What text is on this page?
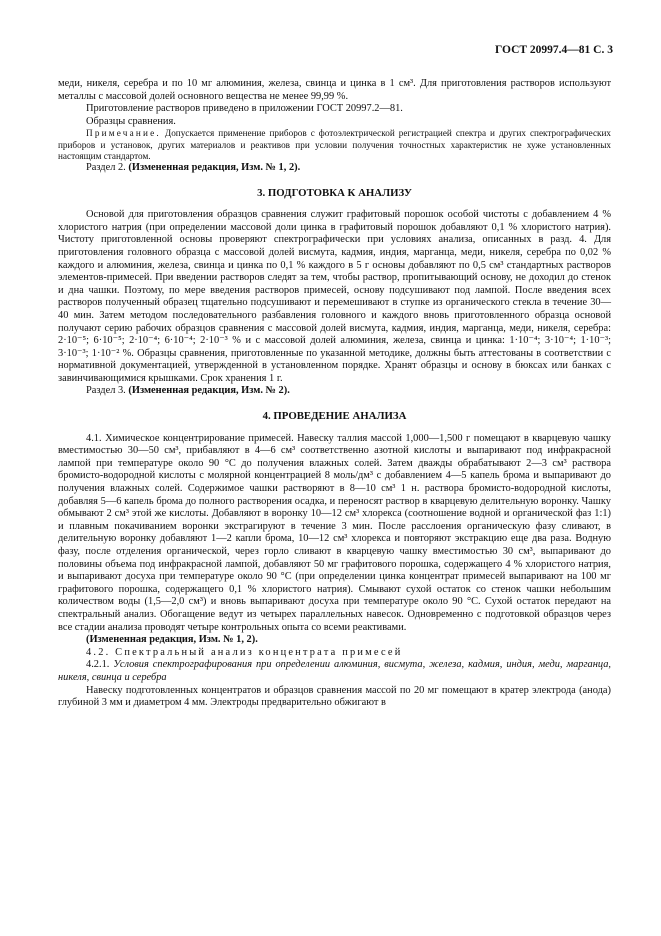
ГОСТ 20997.4—81 С. 3

меди, никеля, серебра и по 10 мг алюминия, железа, свинца и цинка в 1 см³. Для приготовления растворов используют металлы с массовой долей основного вещества не менее 99,99 %.

Приготовление растворов приведено в приложении ГОСТ 20997.2—81.

Образцы сравнения.

Примечание. Допускается применение приборов с фотоэлектрической регистрацией спектра и других спектрографических приборов и установок, других материалов и реактивов при условии получения точностных характеристик не хуже установленных настоящим стандартом.

Раздел 2. (Измененная редакция, Изм. № 1, 2).

3. ПОДГОТОВКА К АНАЛИЗУ

Основой для приготовления образцов сравнения служит графитовый порошок особой чистоты с добавлением 4 % хлористого натрия (при определении массовой доли цинка в графитовый порошок добавляют 0,1 % хлористого натрия). Чистоту приготовленной основы проверяют спектрографически при условиях анализа, описанных в разд. 4. Для приготовления головного образца с массовой долей висмута, кадмия, индия, марганца, меди, никеля, серебра по 0,02 % каждого и алюминия, железа, свинца и цинка по 0,1 % каждого в 5 г основы добавляют по 0,5 см³ стандартных растворов элементов-примесей. При введении растворов следят за тем, чтобы раствор, пропитывающий основу, не доходил до стенок и дна чашки. Поэтому, по мере введения растворов примесей, основу подсушивают под лампой. После введения всех растворов полученный образец тщательно подсушивают и перемешивают в ступке из органического стекла в течение 30—40 мин. Затем методом последовательного разбавления головного и каждого вновь приготовленного образца основой получают серию рабочих образцов сравнения с массовой долей висмута, кадмия, индия, марганца, меди, никеля, серебра: 2·10⁻⁵; 6·10⁻⁵; 2·10⁻⁴; 6·10⁻⁴; 2·10⁻³ % и с массовой долей алюминия, железа, свинца и цинка: 1·10⁻⁴; 3·10⁻⁴; 1·10⁻³; 3·10⁻³; 1·10⁻² %. Образцы сравнения, приготовленные по указанной методике, должны быть аттестованы в соответствии с нормативной документацией, утвержденной в установленном порядке. Хранят образцы и основу в бюксах или банках с завинчивающимися крышками. Срок хранения 1 г.

Раздел 3. (Измененная редакция, Изм. № 2).

4. ПРОВЕДЕНИЕ АНАЛИЗА

4.1. Химическое концентрирование примесей. Навеску таллия массой 1,000—1,500 г помещают в кварцевую чашку вместимостью 30—50 см³, прибавляют в 4—6 см³ соответственно азотной кислоты и выпаривают под инфракрасной лампой при температуре около 90 °С до получения влажных солей. Затем дважды обрабатывают 2—3 см³ раствора бромисто-водородной кислоты с молярной концентрацией 8 моль/дм³ с добавлением 4—5 капель брома и выпаривают до получения влажных солей. Содержимое чашки растворяют в 8—10 см³ 1 н. раствора бромисто-водородной кислоты, добавляя 5—6 капель брома до полного растворения осадка, и переносят раствор в кварцевую делительную воронку. Чашку обмывают 2 см³ этой же кислоты. Добавляют в воронку 10—12 см³ хлорекса (соотношение водной и органической фаз 1:1) и плавным покачиванием воронки экстрагируют в течение 3 мин. После расслоения органическую фазу сливают, в делительную воронку добавляют 1—2 капли брома, 10—12 см³ хлорекса и повторяют экстракцию еще два раза. Водную фазу, после отделения органической, через горло сливают в кварцевую чашку вместимостью 30 см³, выпаривают до половины объема под инфракрасной лампой, добавляют 50 мг графитового порошка, содержащего 4 % хлористого натрия, и выпаривают досуха при температуре около 90 °С (при определении цинка концентрат примесей выпаривают на 100 мг графитового порошка, содержащего 0,1 % хлористого натрия). Смывают сухой остаток со стенок чашки небольшим количеством воды (1,5—2,0 см³) и вновь выпаривают досуха при температуре около 90 °С. Сухой остаток передают на спектральный анализ. Обогащение ведут из четырех параллельных навесок. Одновременно с подготовкой образцов через все стадии анализа проводят четыре контрольных опыта со всеми реактивами.

(Измененная редакция, Изм. № 1, 2).

4.2. Спектральный анализ концентрата примесей

4.2.1. Условия спектрографирования при определении алюминия, висмута, железа, кадмия, индия, меди, марганца, никеля, свинца и серебра

Навеску подготовленных концентратов и образцов сравнения массой по 20 мг помещают в кратер электрода (анода) глубиной 3 мм и диаметром 4 мм. Электроды предварительно обжигают в
